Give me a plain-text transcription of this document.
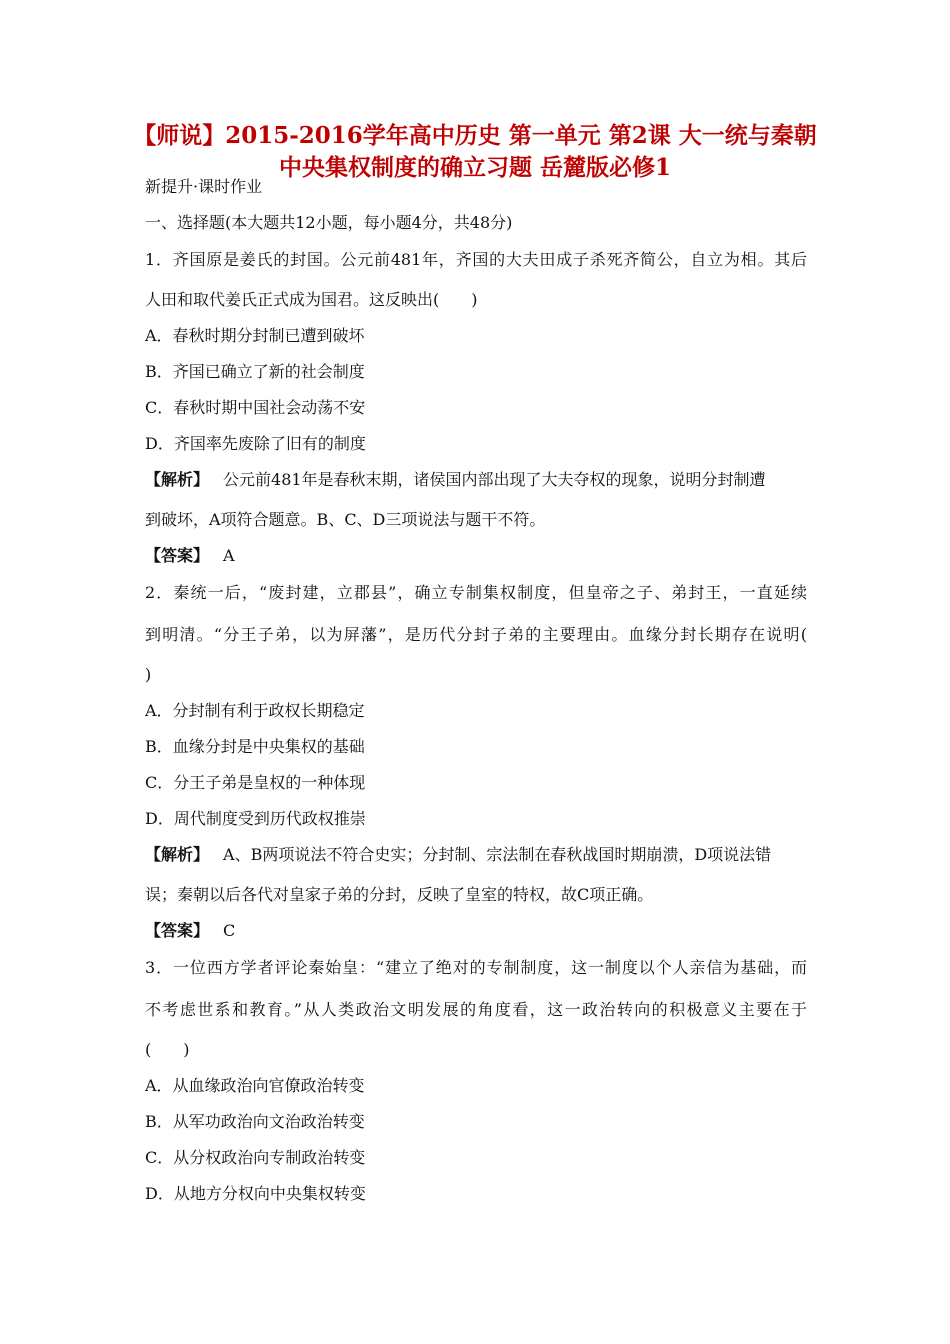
【师说】2015-2016学年高中历史 第一单元 第2课 大一统与秦朝
中央集权制度的确立习题 岳麓版必修1
新提升·课时作业
一、选择题(本大题共12小题，每小题4分，共48分)
1．齐国原是姜氏的封国。公元前481年，齐国的大夫田成子杀死齐简公，自立为相。其后
人田和取代姜氏正式成为国君。这反映出(　　)
A．春秋时期分封制已遭到破坏
B．齐国已确立了新的社会制度
C．春秋时期中国社会动荡不安
D．齐国率先废除了旧有的制度
【解析】 公元前481年是春秋末期，诸侯国内部出现了大夫夺权的现象，说明分封制遭
到破坏，A项符合题意。B、C、D三项说法与题干不符。
【答案】 A
2．秦统一后，“废封建，立郡县”，确立专制集权制度，但皇帝之子、弟封王，一直延续
到明清。“分王子弟，以为屏藩”，是历代分封子弟的主要理由。血缘分封长期存在说明(
)
A．分封制有利于政权长期稳定
B．血缘分封是中央集权的基础
C．分王子弟是皇权的一种体现
D．周代制度受到历代政权推崇
【解析】 A、B两项说法不符合史实；分封制、宗法制在春秋战国时期崩溃，D项说法错
误；秦朝以后各代对皇家子弟的分封，反映了皇室的特权，故C项正确。
【答案】 C
3．一位西方学者评论秦始皇：“建立了绝对的专制制度，这一制度以个人亲信为基础，而
不考虑世系和教育。”从人类政治文明发展的角度看，这一政治转向的积极意义主要在于
(　　)
A．从血缘政治向官僚政治转变
B．从军功政治向文治政治转变
C．从分权政治向专制政治转变
D．从地方分权向中央集权转变
